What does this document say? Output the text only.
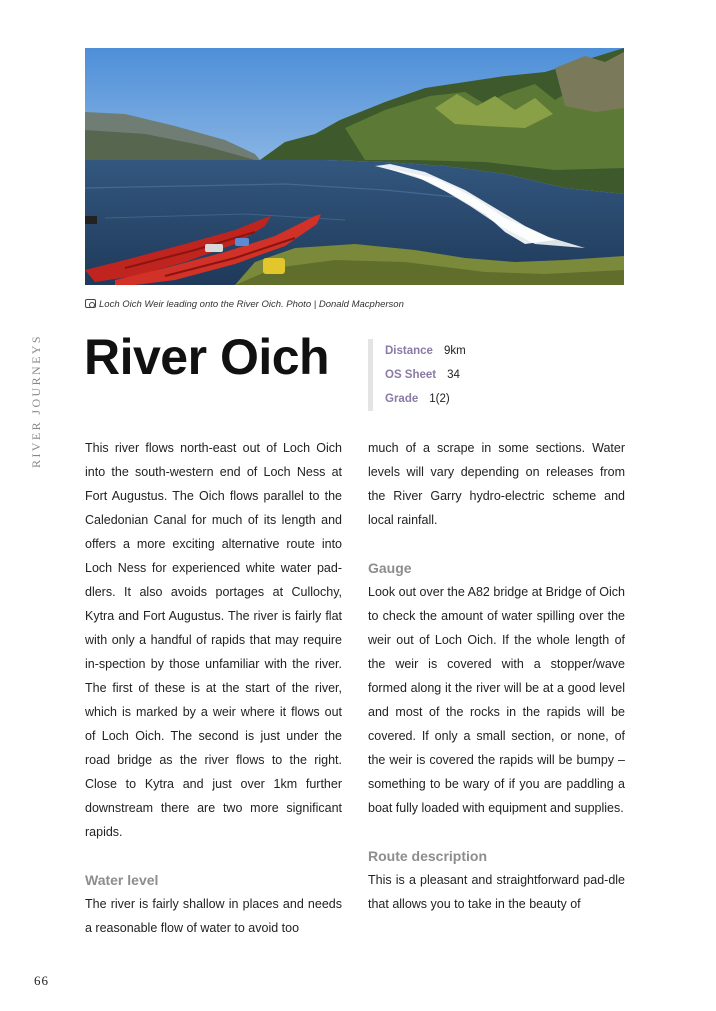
Loch Oich Weir leading onto the River Oich. Photo | Donald Macpherson
RIVER JOURNEYS River Oich	Distance 9km
OS Sheet 34
Grade 1(2)

This river flows north-east out of Loch Oich into the south-western end of Loch Ness at Fort Augustus. The Oich flows parallel to the Caledonian Canal for much of its length and offers a more exciting alternative route into Loch Ness for experienced white water pad-dlers. It also avoids portages at Cullochy, Kytra and Fort Augustus. The river is fairly flat with only a handful of rapids that may require in-spection by those unfamiliar with the river. The first of these is at the start of the river, which is marked by a weir where it flows out of Loch Oich. The second is just under the road bridge as the river flows to the right. Close to Kytra and just over 1km further downstream there are two more significant rapids.

Water level

The river is fairly shallow in places and needs a reasonable flow of water to avoid too

much of a scrape in some sections. Water levels will vary depending on releases from the River Garry hydro-electric scheme and local rainfall.

Gauge

Look out over the A82 bridge at Bridge of Oich to check the amount of water spilling over the weir out of Loch Oich. If the whole length of the weir is covered with a stopper/wave formed along it the river will be at a good level and most of the rocks in the rapids will be covered. If only a small section, or none, of the weir is covered the rapids will be bumpy – something to be wary of if you are paddling a boat fully loaded with equipment and supplies.

Route description

This is a pleasant and straightforward pad-dle that allows you to take in the beauty of

66
